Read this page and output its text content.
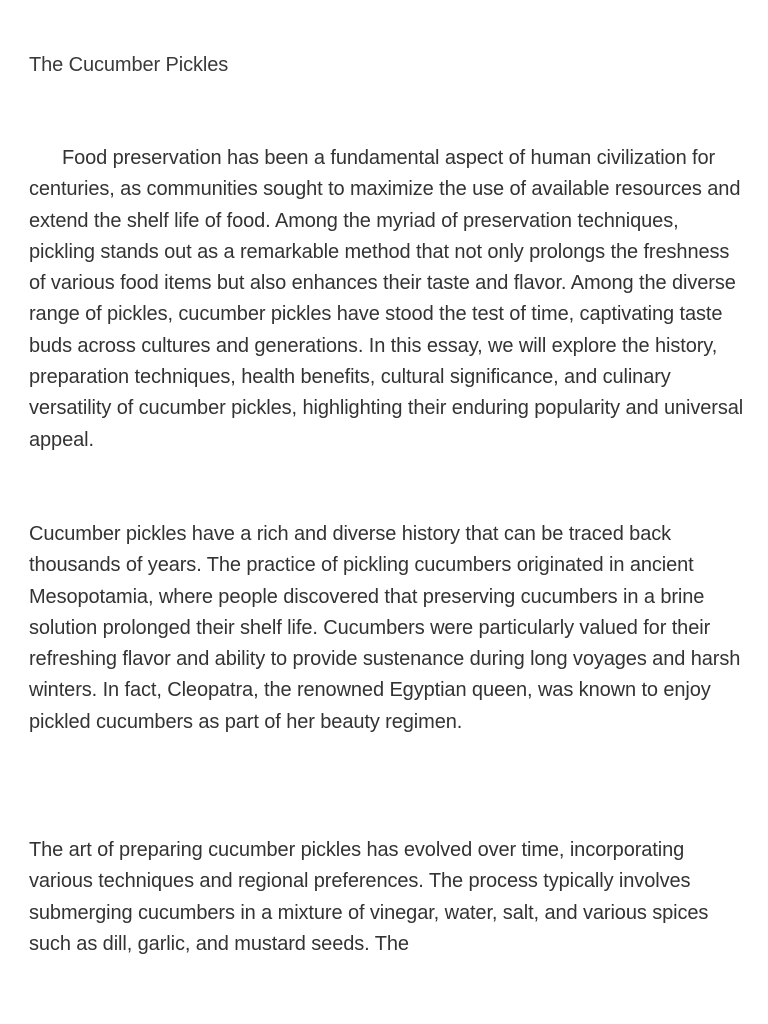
The Cucumber Pickles

Food preservation has been a fundamental aspect of human civilization for centuries, as communities sought to maximize the use of available resources and extend the shelf life of food. Among the myriad of preservation techniques, pickling stands out as a remarkable method that not only prolongs the freshness of various food items but also enhances their taste and flavor. Among the diverse range of pickles, cucumber pickles have stood the test of time, captivating taste buds across cultures and generations. In this essay, we will explore the history, preparation techniques, health benefits, cultural significance, and culinary versatility of cucumber pickles, highlighting their enduring popularity and universal appeal.

Cucumber pickles have a rich and diverse history that can be traced back thousands of years. The practice of pickling cucumbers originated in ancient Mesopotamia, where people discovered that preserving cucumbers in a brine solution prolonged their shelf life. Cucumbers were particularly valued for their refreshing flavor and ability to provide sustenance during long voyages and harsh winters. In fact, Cleopatra, the renowned Egyptian queen, was known to enjoy pickled cucumbers as part of her beauty regimen.

The art of preparing cucumber pickles has evolved over time, incorporating various techniques and regional preferences. The process typically involves submerging cucumbers in a mixture of vinegar, water, salt, and various spices such as dill, garlic, and mustard seeds. The
